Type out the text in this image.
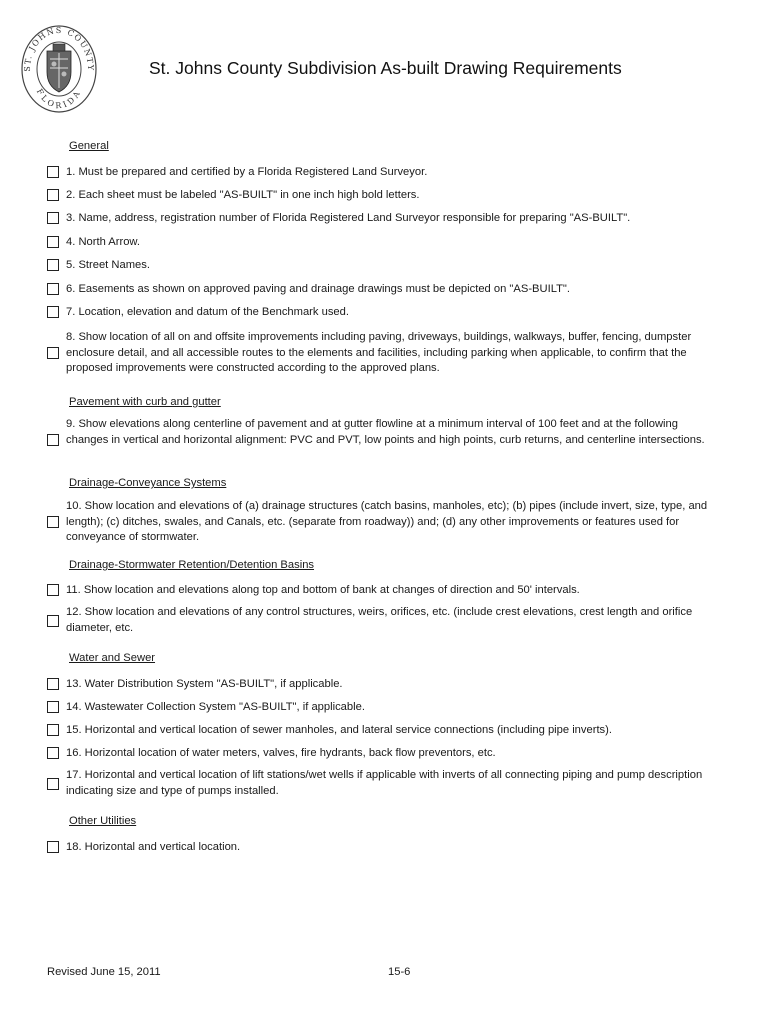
ST. JOHNS COUNTY
FLORIDA
St. Johns County Subdivision As-built Drawing Requirements
General
1. Must be prepared and certified by a Florida Registered Land Surveyor.
2. Each sheet must be labeled "AS-BUILT" in one inch high bold letters.
3. Name, address, registration number of Florida Registered Land Surveyor responsible for preparing "AS-BUILT".
4. North Arrow.
5. Street Names.
6. Easements as shown on approved paving and drainage drawings must be depicted on "AS-BUILT".
7. Location, elevation and datum of the Benchmark used.
8. Show location of all on and offsite improvements including paving, driveways, buildings, walkways, buffer, fencing, dumpster enclosure detail, and all accessible routes to the elements and facilities, including parking when applicable, to confirm that the proposed improvements were constructed according to the approved plans.
Pavement with curb and gutter
9. Show elevations along centerline of pavement and at gutter flowline at a minimum interval of 100 feet and at the following changes in vertical and horizontal alignment: PVC and PVT, low points and high points, curb returns, and centerline intersections.
Drainage-Conveyance Systems
10. Show location and elevations of (a) drainage structures (catch basins, manholes, etc); (b) pipes (include invert, size, type, and length); (c) ditches, swales, and Canals, etc. (separate from roadway)) and; (d) any other improvements or features used for conveyance of stormwater.
Drainage-Stormwater Retention/Detention Basins
11. Show location and elevations along top and bottom of bank at changes of direction and 50' intervals.
12. Show location and elevations of any control structures, weirs, orifices, etc. (include crest elevations, crest length and orifice diameter, etc.
Water and Sewer
13. Water Distribution System "AS-BUILT", if applicable.
14. Wastewater Collection System "AS-BUILT", if applicable.
15. Horizontal and vertical location of sewer manholes, and lateral service connections (including pipe inverts).
16. Horizontal location of water meters, valves, fire hydrants, back flow preventors, etc.
17. Horizontal and vertical location of lift stations/wet wells if applicable with inverts of all connecting piping and pump description indicating size and type of pumps installed.
Other Utilities
18. Horizontal and vertical location.
Revised June 15, 2011	15-6
